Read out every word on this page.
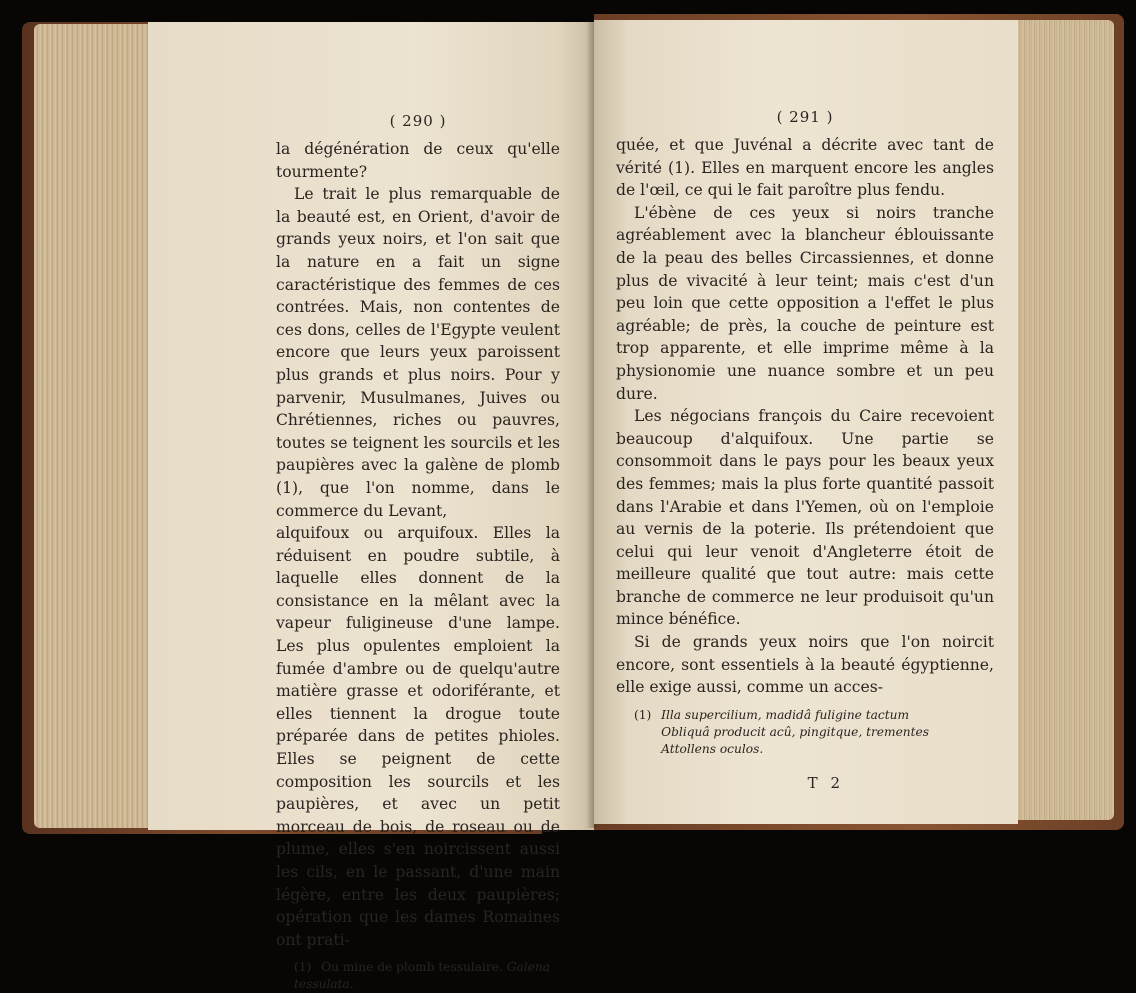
( 290 )

la dégénération de ceux qu'elle tourmente?

Le trait le plus remarquable de la beauté est, en Orient, d'avoir de grands yeux noirs, et l'on sait que la nature en a fait un signe caractéristique des femmes de ces contrées. Mais, non contentes de ces dons, celles de l'Egypte veulent encore que leurs yeux paroissent plus grands et plus noirs. Pour y parvenir, Musulmanes, Juives ou Chrétiennes, riches ou pauvres, toutes se teignent les sourcils et les paupières avec la galène de plomb (1), que l'on nomme, dans le commerce du Levant,

alquifoux ou arquifoux. Elles la réduisent en poudre subtile, à laquelle elles donnent de la consistance en la mêlant avec la vapeur fuligineuse d'une lampe. Les plus opulentes emploient la fumée d'ambre ou de quelqu'autre matière grasse et odoriférante, et elles tiennent la drogue toute préparée dans de petites phioles. Elles se peignent de cette composition les sourcils et les paupières, et avec un petit morceau de bois, de roseau ou de plume, elles s'en noircissent aussi les cils, en le passant, d'une main légère, entre les deux paupières; opération que les dames Romaines ont prati-

(1) Ou mine de plomb tessulaire. Galena tessulata.
( 291 )

quée, et que Juvénal a décrite avec tant de vérité (1). Elles en marquent encore les angles de l'œil, ce qui le fait paroître plus fendu.

L'ébène de ces yeux si noirs tranche agréablement avec la blancheur éblouissante de la peau des belles Circassiennes, et donne plus de vivacité à leur teint; mais c'est d'un peu loin que cette opposition a l'effet le plus agréable; de près, la couche de peinture est trop apparente, et elle imprime même à la physionomie une nuance sombre et un peu dure.

Les négocians françois du Caire recevoient beaucoup d'alquifoux. Une partie se consommoit dans le pays pour les beaux yeux des femmes; mais la plus forte quantité passoit dans l'Arabie et dans l'Yemen, où on l'emploie au vernis de la poterie. Ils prétendoient que celui qui leur venoit d'Angleterre étoit de meilleure qualité que tout autre: mais cette branche de commerce ne leur produisoit qu'un mince bénéfice.

Si de grands yeux noirs que l'on noircit encore, sont essentiels à la beauté égyptienne, elle exige aussi, comme un acces-

(1) Illa supercilium, madidâ fuligine tactum
Obliquâ producit acû, pingitque, trementes
Attollens oculos.
T 2
